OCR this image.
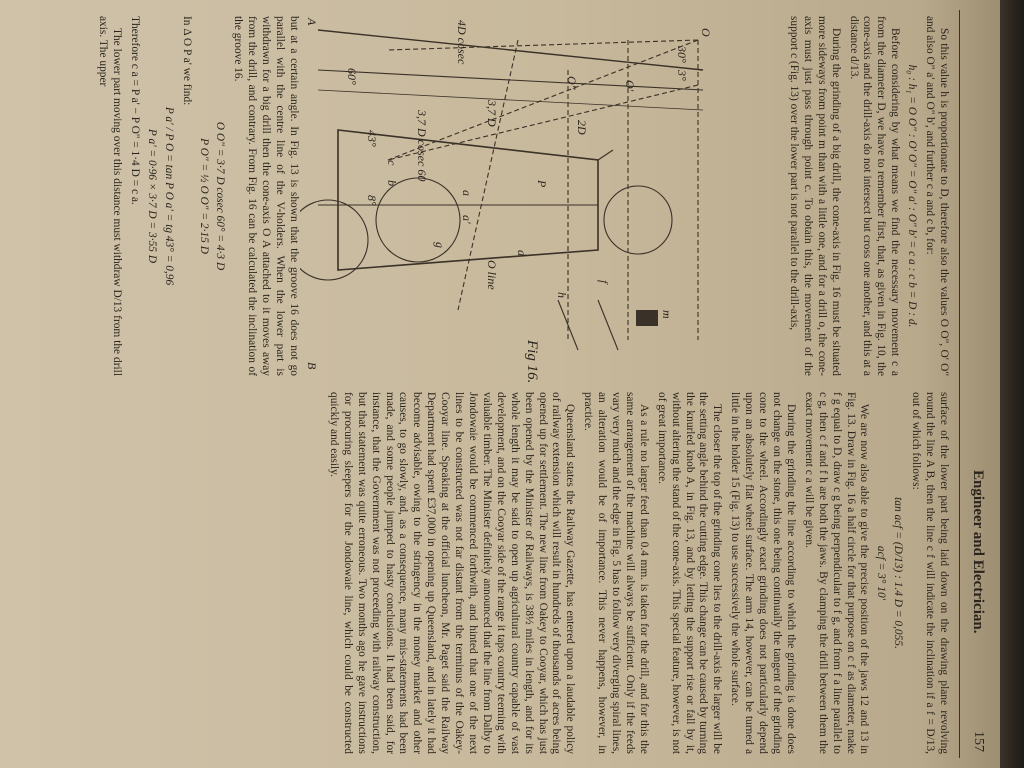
Engineer and Electrician.
157

So this value h is proportionate to D, therefore also the values O O", O' O" and also O" a' and O" b', and further c a and c b, for:

h₀ : h₁ = O O" : O' O" = O" a' : O" b' = c a : c b = D : d.

Before considering by what means we find the necessary movement c a from the diameter D, we have to remember first, that, as given in Fig. 10, the cone-axis and the drill-axis do not intersect but cross one another, and this at a distance d/13.

During the grinding of a big drill, the cone-axis in Fig. 16 must be situated more sideways from point m than with a little one, and for a drill o, the cone-axis must just pass through point c. To obtain this, the movement of the support c (Fig. 13) over the lower part is not parallel to the drill-axis,

O
O'
O"
A
B
a
a'
b
c
d
f
g
h
m
O line
30°
3°
60°
43°
8°
3,7 D
3,7 D cosec 60	2D
4D cosec
P
Fig 16.

but at a certain angle. In Fig. 13 is shown that the groove 16 does not go parallel with the centre line of the V-holders. When the lower part is withdrawn for a big drill then the cone-axis O A attached to it moves away from the drill, and contrary. From Fig. 16 can be calculated the inclination of the groove 16.

O O" = 3·7 D cosec 60° = 4·3 D

P O" = ½ O O" = 2·15 D

In Δ O P a' we find:

P a' / P O = tan P O a' = tg 43° = 0,96

P a' = 0·96 × 3·7 D = 3·55 D

Therefore c a = P a' − P O" = 1·4 D = c a.

The lower part moving over this distance must withdraw D/13 from the drill axis. The upper

surface of the lower part being laid down on the drawing plane revolving round the line A B, then the line c f will indicate the inclination if a f = D/13, out of which follows:

tan acf = (D/13) : 1.4 D = 0,055.

acf = 3° 10'

We are now also able to give the precise position of the jaws 12 and 13 in Fig. 13. Draw in Fig. 16 a half circle for that purpose on c f as diameter, make f g equal to D, draw c g being perpendicular to f g, and from f a line parallel to c g, then c f and f h are both the jaws. By clamping the drill between them the exact movement c a will be given.

During the grinding the line according to which the grinding is done does not change on the stone, this one being continually the tangent of the grinding cone to the wheel. Accordingly exact grinding does not particularly depend upon an absolutely flat wheel surface. The arm 14, however, can be turned a little in the holder 15 (Fig. 13) to use successively the whole surface.

The closer the top of the grinding cone lies to the drill-axis the larger will be the setting angle behind the cutting edge. This change can be caused by turning the knurled knob A, in Fig. 13, and by letting the support rise or fall by it, without altering the stand of the cone-axis. This special feature, however, is not of great importance.

As a rule no larger feed than 0.4 mm. is taken for the drill, and for this the same arrangement of the machine will always be sufficient. Only if the feeds vary very much and the edge in Fig. 5 has to follow very diverging spiral lines, an alteration would be of importance. This never happens, however, in practice.

Queensland states the Railway Gazette, has entered upon a laudable policy of railway extension which will result in hundreds of thousands of acres being opened up for settlement. The new line from Oakey to Cooyar, which has just been opened by the Minister of Railways, is 38½ miles in length, and for its whole length it may be said to open up agricultural country capable of vast development, and on the Cooyar side of the range it taps country teeming with valuable timber. The Minister definitely announced that the line from Dalby to Jondowaie would be commenced forthwith, and hinted that one of the next lines to be constructed was not far distant from the terminus of the Oakey-Cooyar line. Speaking at the official luncheon, Mr. Paget said the Railway Department had spent £37,000 in opening up Queensland, and in lately it had become advisable, owing to the stringency in the money market and other causes, to go slowly, and, as a consequence, many mis-statements had been made, and some people jumped to hasty conclusions. It had been said, for instance, that the Government was not proceeding with railway construction, but that statement was quite erroneous. Two months ago he gave instructions for procuring sleepers for the Jondowaie line, which could be constructed quickly and easily.
